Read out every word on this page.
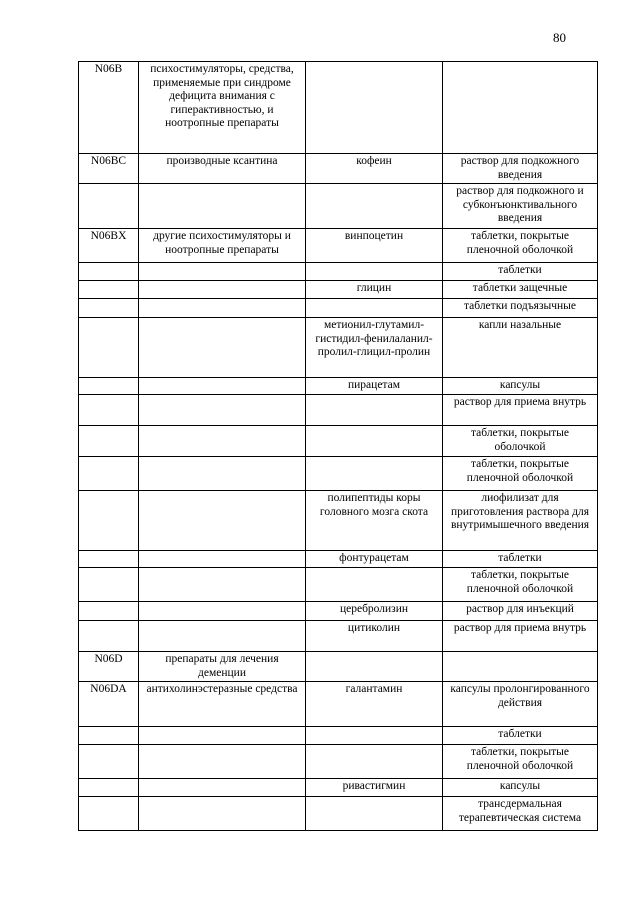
80
N06B	психостимуляторы, средства, применяемые при синдроме дефицита внимания с гиперактивностью, и ноотропные препараты		
N06BC	производные ксантина	кофеин	раствор для подкожного введения
			раствор для подкожного и субконъюнктивального введения
N06BX	другие психостимуляторы и ноотропные препараты	винпоцетин	таблетки, покрытые пленочной оболочкой
			таблетки
		глицин	таблетки защечные
			таблетки подъязычные
		метионил-глутамил-гистидил-фенилаланил-пролил-глицил-пролин	капли назальные
		пирацетам	капсулы
			раствор для приема внутрь
			таблетки, покрытые оболочкой
			таблетки, покрытые пленочной оболочкой
		полипептиды коры головного мозга скота	лиофилизат для приготовления раствора для внутримышечного введения
		фонтурацетам	таблетки
			таблетки, покрытые пленочной оболочкой
		церебролизин	раствор для инъекций
		цитиколин	раствор для приема внутрь
N06D	препараты для лечения деменции		
N06DA	антихолинэстеразные средства	галантамин	капсулы пролонгированного действия
			таблетки
			таблетки, покрытые пленочной оболочкой
		ривастигмин	капсулы
			трансдермальная терапевтическая система
